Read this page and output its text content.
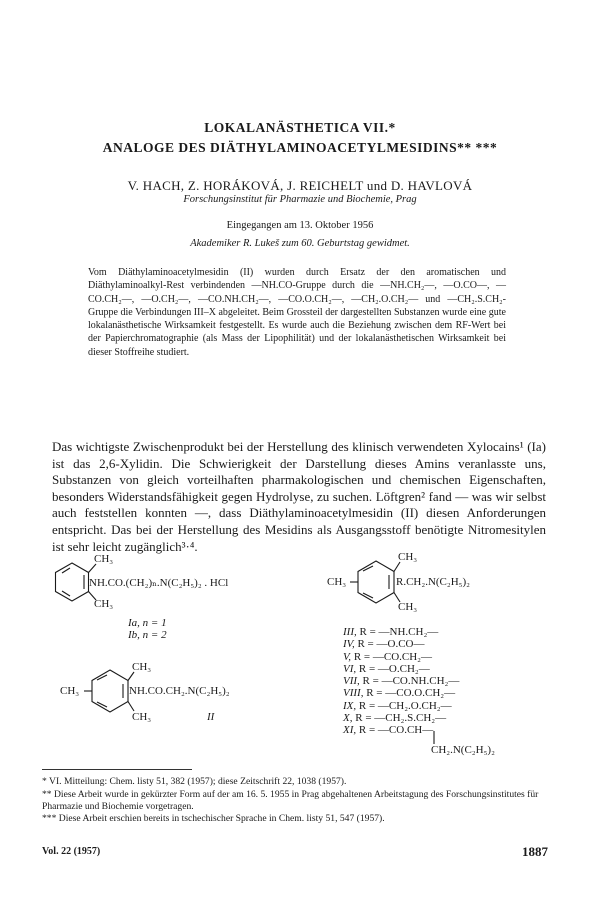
LOKALANÄSTHETICA VII.*
ANALOGE DES DIÄTHYLAMINOACETYLMESIDINS** ***
V. HACH, Z. HORÁKOVÁ, J. REICHELT und D. HAVLOVÁ
Forschungsinstitut für Pharmazie und Biochemie, Prag
Eingegangen am 13. Oktober 1956
Akademiker R. Lukeš zum 60. Geburtstag gewidmet.
Vom Diäthylaminoacetylmesidin (II) wurden durch Ersatz der den aromatischen und Diäthylaminoalkyl-Rest verbindenden —NH.CO-Gruppe durch die —NH.CH₂—, —O.CO—, —CO.CH₂—, —O.CH₂—, —CO.NH.CH₂—, —CO.O.CH₂—, —CH₂.O.CH₂— und —CH₂.S.CH₂-Gruppe die Verbindungen III–X abgeleitet. Beim Grossteil der dargestellten Substanzen wurde eine gute lokalanästhetische Wirksamkeit festgestellt. Es wurde auch die Beziehung zwischen dem RF-Wert bei der Papierchromatographie (als Mass der Lipophilität) und der lokalanästhetischen Wirksamkeit bei dieser Stoffreihe studiert.
Das wichtigste Zwischenprodukt bei der Herstellung des klinisch verwendeten Xylocains¹ (Ia) ist das 2,6-Xylidin. Die Schwierigkeit der Darstellung dieses Amins veranlasste uns, Substanzen von gleich vorteilhaften pharmakologischen und chemischen Eigenschaften, besonders Widerstandsfähigkeit gegen Hydrolyse, zu suchen. Löftgren² fand — was wir selbst auch feststellen konnten —, dass Diäthylaminoacetylmesidin (II) diesen Anforderungen entspricht. Das bei der Herstellung des Mesidins als Ausgangsstoff benötigte Nitromesitylen ist sehr leicht zugänglich³·⁴.
CH₃
NH.CO.(CH₂)ₙ.N(C₂H₅)₂ . HCl
CH₃
Ia, n = 1
Ib, n = 2
CH₃
CH₃	R.CH₂.N(C₂H₅)₂
CH₃
CH₃
CH₃	NH.CO.CH₂.N(C₂H₅)₂
CH₃	II
III, R = —NH.CH₂—
IV, R = —O.CO—
V, R = —CO.CH₂—
VI, R = —O.CH₂—
VII, R = —CO.NH.CH₂—
VIII, R = —CO.O.CH₂—
IX, R = —CH₂.O.CH₂—
X, R = —CH₂.S.CH₂—
XI, R = —CO.CH—
CH₂.N(C₂H₅)₂
* VI. Mitteilung: Chem. listy 51, 382 (1957); diese Zeitschrift 22, 1038 (1957).
** Diese Arbeit wurde in gekürzter Form auf der am 16. 5. 1955 in Prag abgehaltenen Arbeitstagung des Forschungsinstitutes für Pharmazie und Biochemie vorgetragen.
*** Diese Arbeit erschien bereits in tschechischer Sprache in Chem. listy 51, 547 (1957).
Vol. 22 (1957)	1887
